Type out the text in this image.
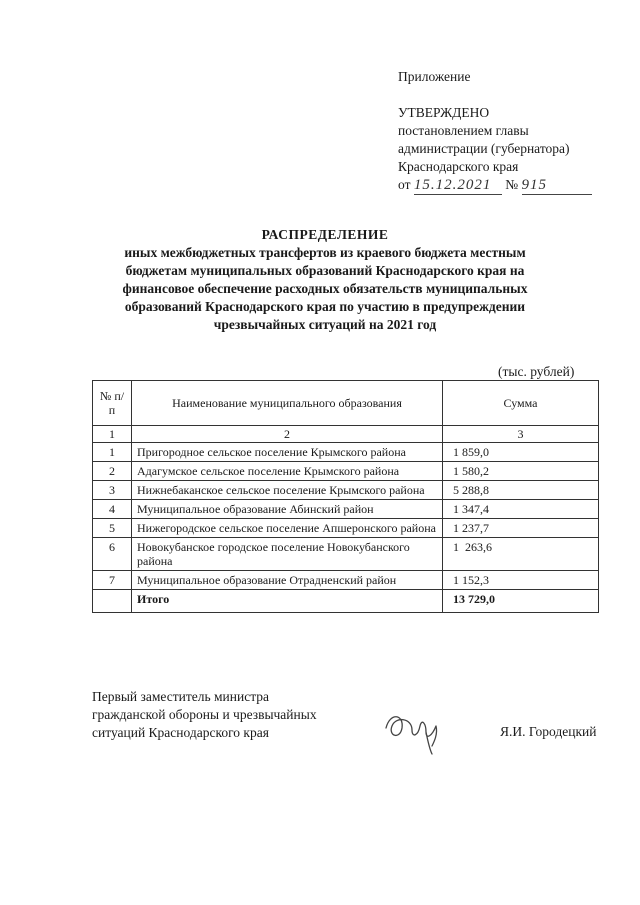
Приложение
УТВЕРЖДЕНО
постановлением главы
администрации (губернатора)
Краснодарского края
от 15.12.2021 № 915
РАСПРЕДЕЛЕНИЕ
иных межбюджетных трансфертов из краевого бюджета местным
бюджетам муниципальных образований Краснодарского края на
финансовое обеспечение расходных обязательств муниципальных
образований Краснодарского края по участию в предупреждении
чрезвычайных ситуаций на 2021 год
(тыс. рублей)
№ п/п	Наименование муниципального образования	Сумма
1	2	3
1	Пригородное сельское поселение Крымского района	1 859,0
2	Адагумское сельское поселение Крымского района	1 580,2
3	Нижнебаканское сельское поселение Крымского района	5 288,8
4	Муниципальное образование Абинский район	1 347,4
5	Нижегородское сельское поселение Апшеронского района	1 237,7
6	Новокубанское городское поселение Новокубанского района	1  263,6
7	Муниципальное образование Отрадненский район	1 152,3
	Итого	13 729,0
Первый заместитель министра
гражданской обороны и чрезвычайных
ситуаций Краснодарского края	Я.И. Городецкий
